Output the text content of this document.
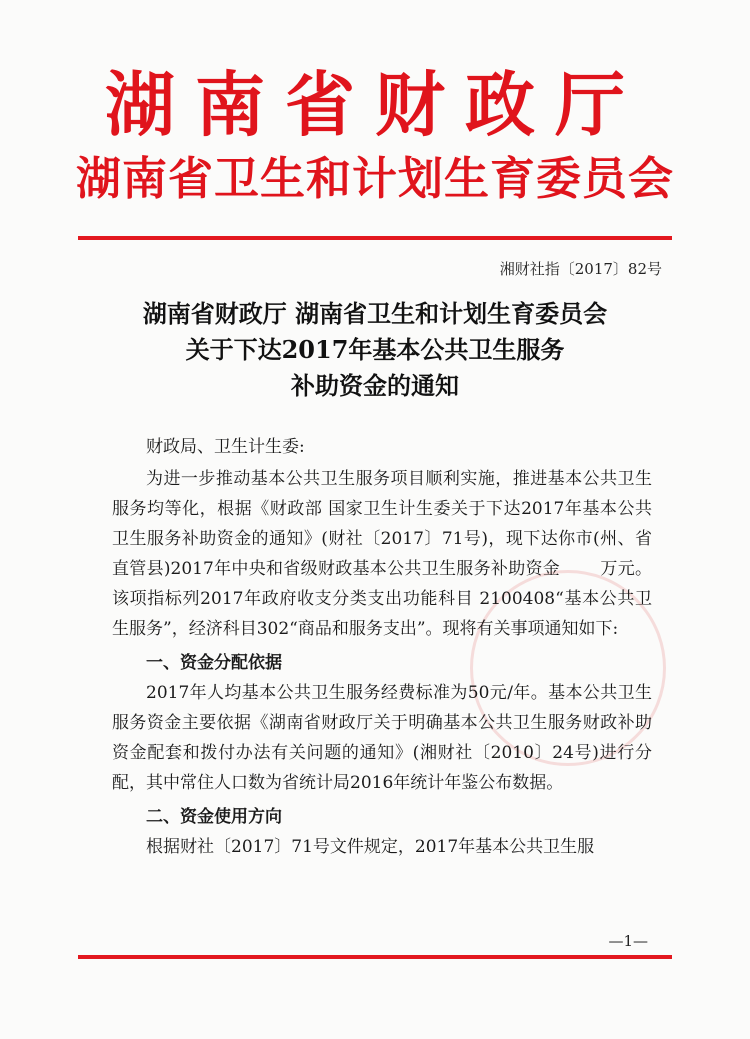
湖南省财政厅
湖南省卫生和计划生育委员会
湘财社指〔2017〕82号
湖南省财政厅 湖南省卫生和计划生育委员会
关于下达2017年基本公共卫生服务
补助资金的通知

财政局、卫生计生委:

为进一步推动基本公共卫生服务项目顺利实施，推进基本公共卫生服务均等化，根据《财政部 国家卫生计生委关于下达2017年基本公共卫生服务补助资金的通知》(财社〔2017〕71号)，现下达你市(州、省直管县)2017年中央和省级财政基本公共卫生服务补助资金 万元。该项指标列2017年政府收支分类支出功能科目 2100408“基本公共卫生服务”，经济科目302“商品和服务支出”。现将有关事项通知如下:

一、资金分配依据

2017年人均基本公共卫生服务经费标准为50元/年。基本公共卫生服务资金主要依据《湖南省财政厅关于明确基本公共卫生服务财政补助资金配套和拨付办法有关问题的通知》(湘财社〔2010〕24号)进行分配，其中常住人口数为省统计局2016年统计年鉴公布数据。

二、资金使用方向

根据财社〔2017〕71号文件规定，2017年基本公共卫生服

—1—
